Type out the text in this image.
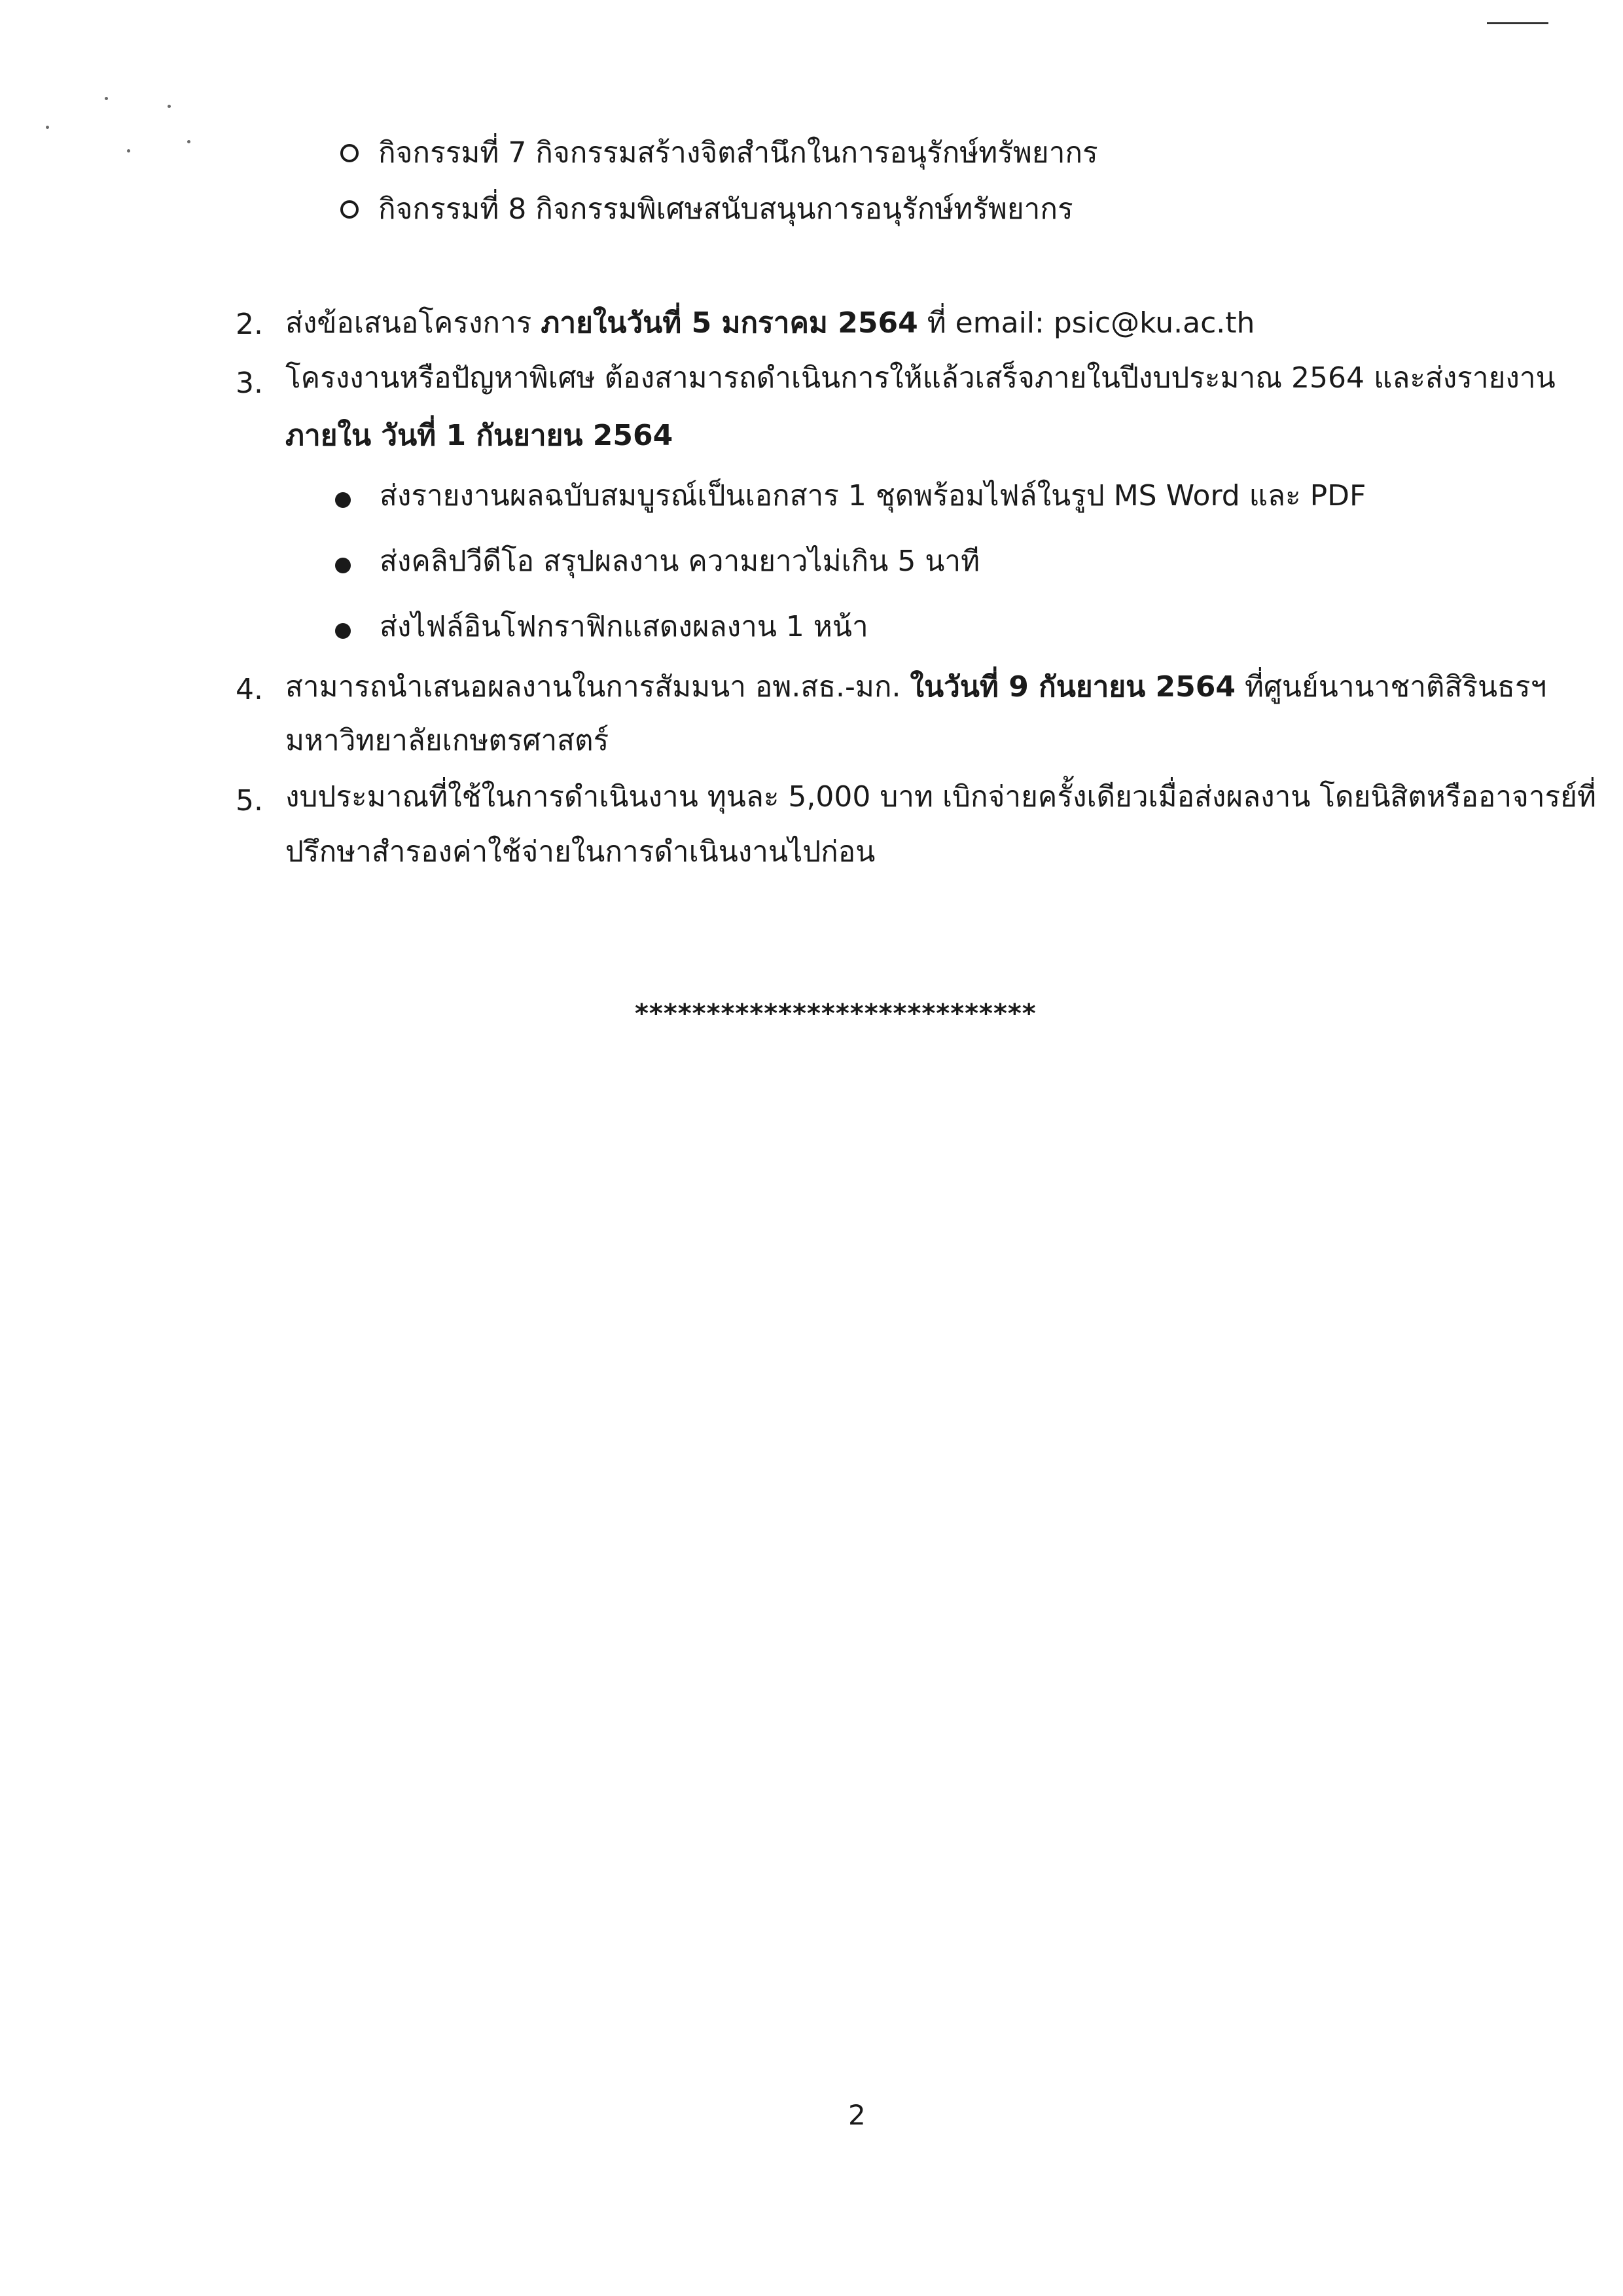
กิจกรรมที่ 7 กิจกรรมสร้างจิตสำนึกในการอนุรักษ์ทรัพยากร
กิจกรรมที่ 8 กิจกรรมพิเศษสนับสนุนการอนุรักษ์ทรัพยากร
2. ส่งข้อเสนอโครงการ ภายในวันที่ 5 มกราคม 2564 ที่ email: psic@ku.ac.th
3. โครงงานหรือปัญหาพิเศษ ต้องสามารถดำเนินการให้แล้วเสร็จภายในปีงบประมาณ 2564 และส่งรายงาน
ภายใน วันที่ 1 กันยายน 2564
ส่งรายงานผลฉบับสมบูรณ์เป็นเอกสาร 1 ชุดพร้อมไฟล์ในรูป MS Word และ PDF
ส่งคลิปวีดีโอ สรุปผลงาน ความยาวไม่เกิน 5 นาที
ส่งไฟล์อินโฟกราฟิกแสดงผลงาน 1 หน้า
4. สามารถนำเสนอผลงานในการสัมมนา อพ.สธ.-มก. ในวันที่ 9 กันยายน 2564 ที่ศูนย์นานาชาติสิรินธรฯ
มหาวิทยาลัยเกษตรศาสตร์
5. งบประมาณที่ใช้ในการดำเนินงาน ทุนละ 5,000 บาท เบิกจ่ายครั้งเดียวเมื่อส่งผลงาน โดยนิสิตหรืออาจารย์ที่
ปรึกษาสำรองค่าใช้จ่ายในการดำเนินงานไปก่อน
****************************
2
